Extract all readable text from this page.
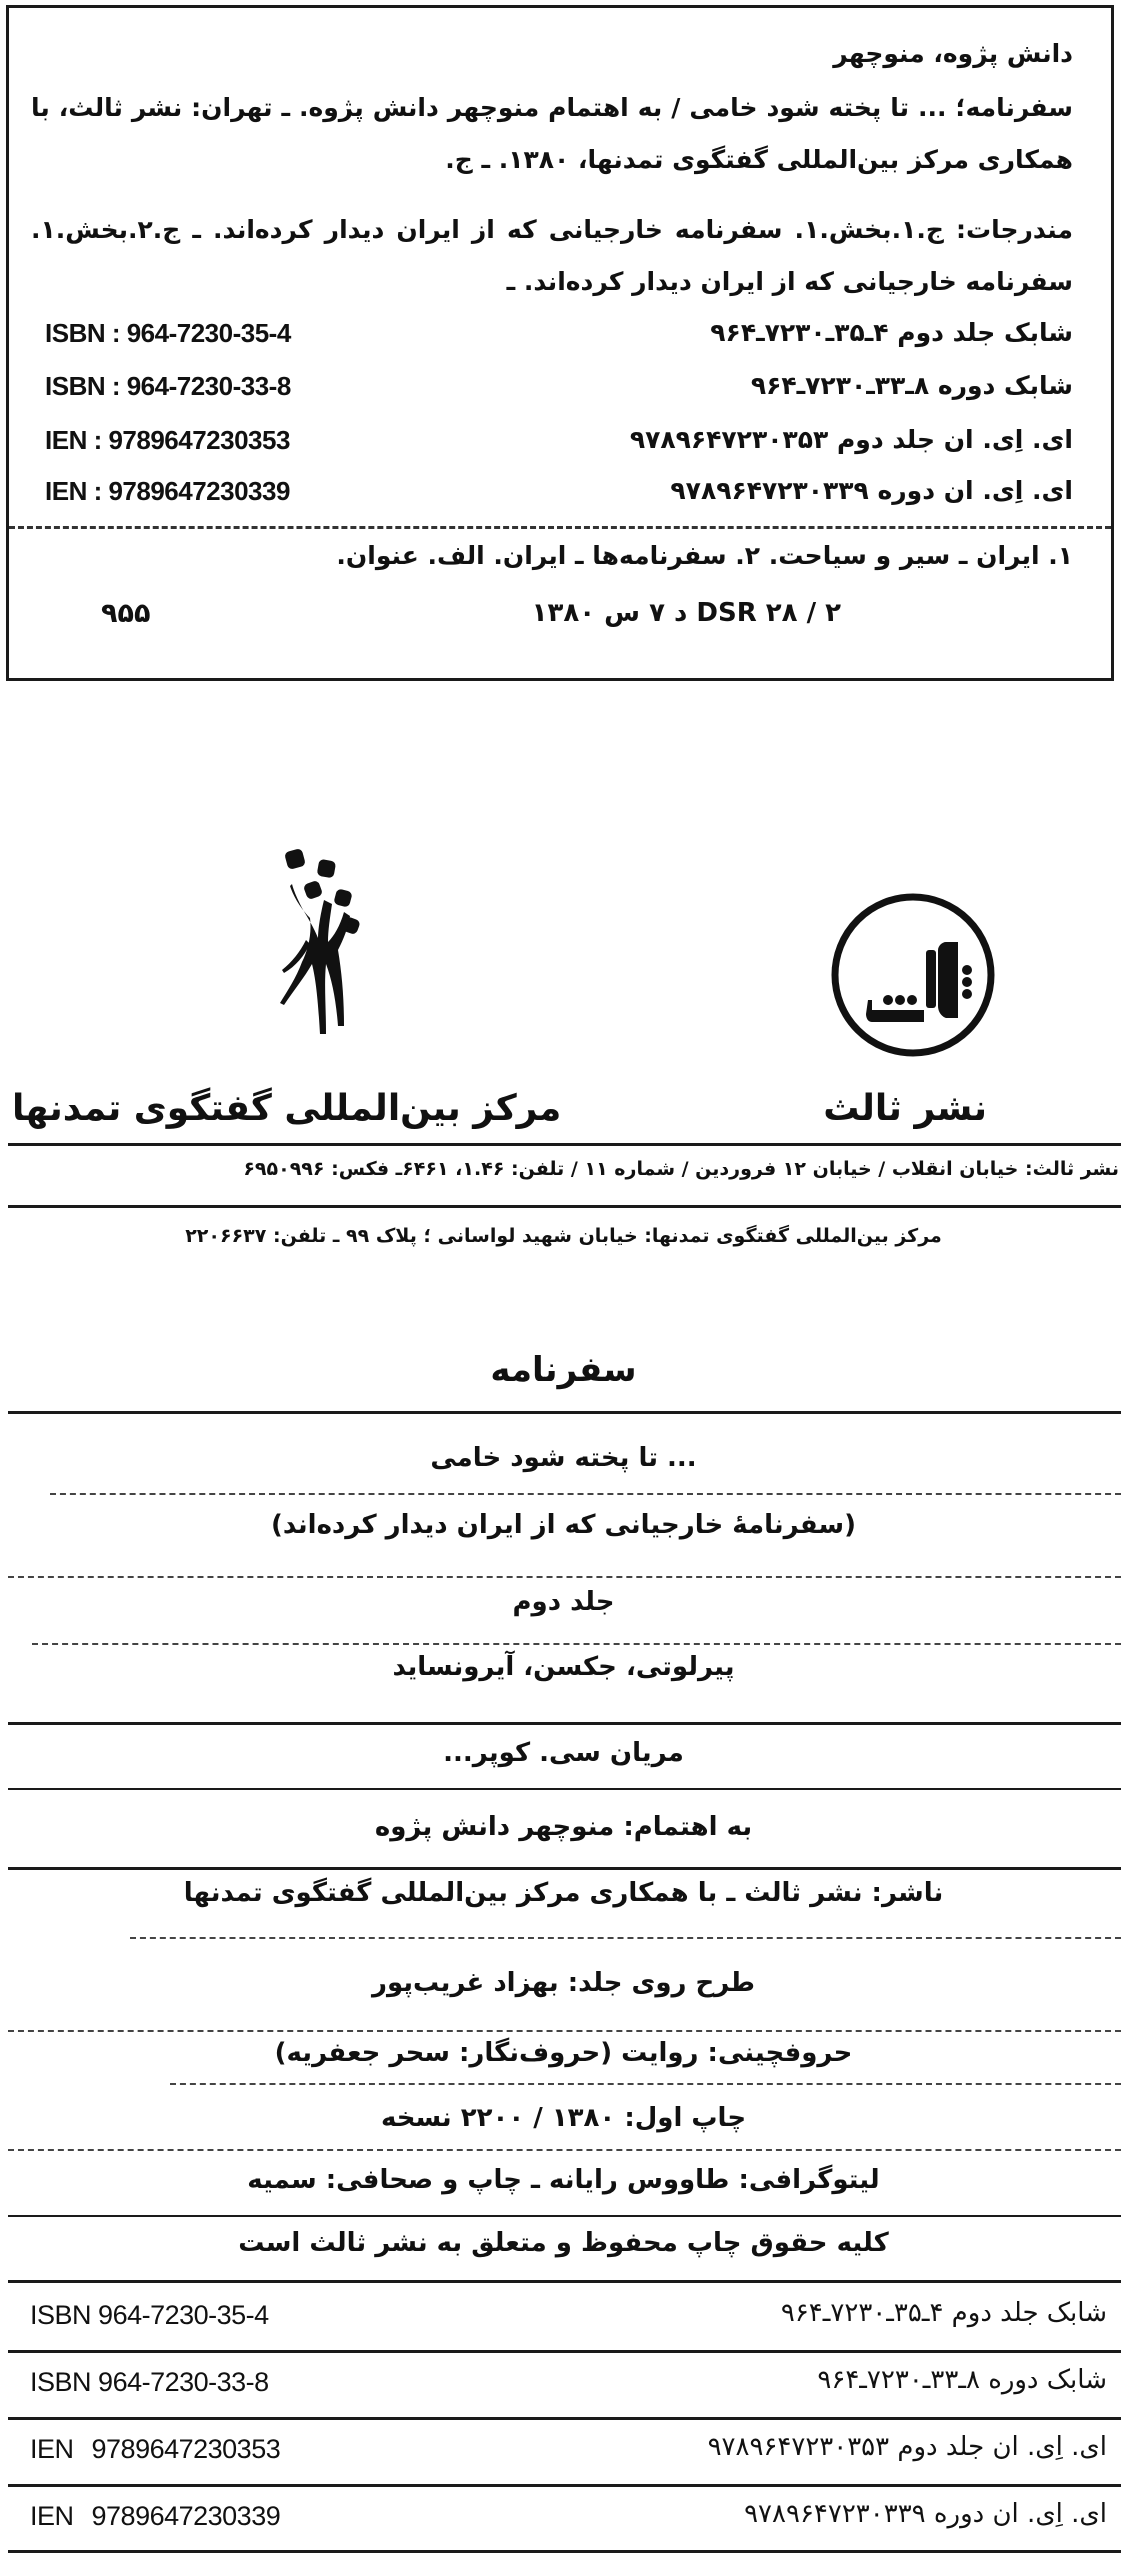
دانش پژوه، منوچهر
سفرنامه؛ ... تا پخته شود خامی / به اهتمام منوچهر دانش پژوه. ـ تهران: نشر ثالث، با همکاری مرکز بین‌المللی گفتگوی تمدنها، ۱۳۸۰. ـ ج.
مندرجات: ج.۱.بخش.۱. سفرنامه خارجیانی که از ایران دیدار کرده‌اند. ـ ج.۲.بخش.۱. سفرنامه خارجیانی که از ایران دیدار کرده‌اند. ـ
شابک جلد دوم ۴ـ۳۵ـ۷۲۳۰ـ۹۶۴
ISBN : 964-7230-35-4
شابک دوره ۸ـ۳۳ـ۷۲۳۰ـ۹۶۴
ISBN : 964-7230-33-8
ای. اِی. ان جلد دوم ۹۷۸۹۶۴۷۲۳۰۳۵۳
IEN : 9789647230353
ای. اِی. ان دوره ۹۷۸۹۶۴۷۲۳۰۳۳۹
IEN : 9789647230339
۱. ایران ـ سیر و سیاحت. ۲. سفرنامه‌ها ـ ایران. الف. عنوان.
DSR ۲۸ / ۲ د ۷ س ۱۳۸۰
۹۵۵
مرکز بین‌المللی گفتگوی تمدنها	نشر ثالث
نشر ثالث: خیابان انقلاب / خیابان ۱۲ فروردین / شماره ۱۱ / تلفن: ۱.۴۶، ۶۴۶۱ـ فکس: ۶۹۵۰۹۹۶
مرکز بین‌المللی گفتگوی تمدنها: خیابان شهید لواسانی ؛ پلاک ۹۹ ـ تلفن: ۲۲۰۶۶۳۷
سفرنامه
... تا پخته شود خامی
(سفرنامهٔ خارجیانی که از ایران دیدار کرده‌اند)
جلد دوم
پیرلوتی، جکسن، آیرونساید
مریان سی. کوپر...
به اهتمام: منوچهر دانش پژوه
ناشر: نشر ثالث ـ با همکاری مرکز بین‌المللی گفتگوی تمدنها
طرح روی جلد: بهزاد غریب‌پور
حروفچینی: روایت (حروف‌نگار: سحر جعفریه)
چاپ اول: ۱۳۸۰ / ۲۲۰۰ نسخه
لیتوگرافی: طاووس رایانه ـ چاپ و صحافی: سمیه
کلیه حقوق چاپ محفوظ و متعلق به نشر ثالث است
شابک جلد دوم ۴ـ۳۵ـ۷۲۳۰ـ۹۶۴
ISBN 964-7230-35-4
شابک دوره ۸ـ۳۳ـ۷۲۳۰ـ۹۶۴
ISBN 964-7230-33-8
ای. اِی. ان جلد دوم ۹۷۸۹۶۴۷۲۳۰۳۵۳
IEN 9789647230353
ای. اِی. ان دوره ۹۷۸۹۶۴۷۲۳۰۳۳۹
IEN 9789647230339
